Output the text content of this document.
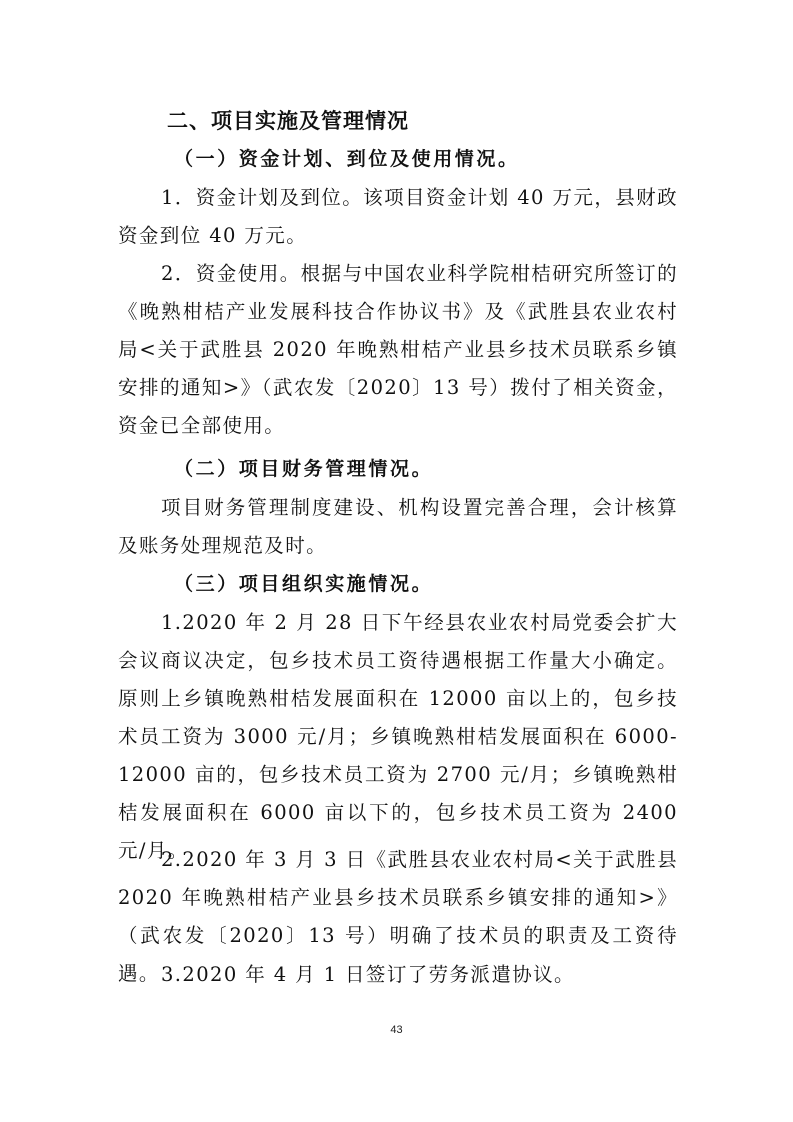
二、项目实施及管理情况
（一）资金计划、到位及使用情况。

1．资金计划及到位。该项目资金计划 40 万元，县财政资金到位 40 万元。

2．资金使用。根据与中国农业科学院柑桔研究所签订的《晚熟柑桔产业发展科技合作协议书》及《武胜县农业农村局<关于武胜县 2020 年晚熟柑桔产业县乡技术员联系乡镇安排的通知>》（武农发〔2020〕13 号）拨付了相关资金，资金已全部使用。

（二）项目财务管理情况。

项目财务管理制度建设、机构设置完善合理，会计核算及账务处理规范及时。

（三）项目组织实施情况。

1.2020 年 2 月 28 日下午经县农业农村局党委会扩大会议商议决定，包乡技术员工资待遇根据工作量大小确定。原则上乡镇晚熟柑桔发展面积在 12000 亩以上的，包乡技术员工资为 3000 元/月；乡镇晚熟柑桔发展面积在 6000-12000 亩的，包乡技术员工资为 2700 元/月；乡镇晚熟柑桔发展面积在 6000 亩以下的，包乡技术员工资为 2400 元/月。

2.2020 年 3 月 3 日《武胜县农业农村局<关于武胜县 2020 年晚熟柑桔产业县乡技术员联系乡镇安排的通知>》（武农发〔2020〕13 号）明确了技术员的职责及工资待遇。 3.2020 年 4 月 1 日签订了劳务派遣协议。

43
